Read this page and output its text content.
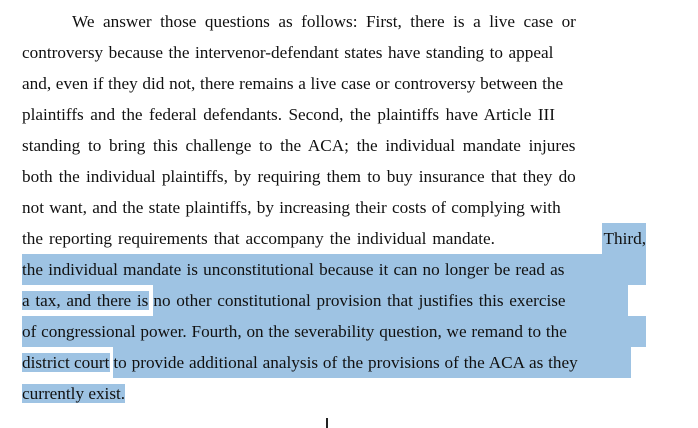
We answer those questions as follows: First, there is a live case or
controversy because the intervenor-defendant states have standing to appeal
and, even if they did not, there remains a live case or controversy between the
plaintiffs and the federal defendants. Second, the plaintiffs have Article III
standing to bring this challenge to the ACA; the individual mandate injures
both the individual plaintiffs, by requiring them to buy insurance that they do
not want, and the state plaintiffs, by increasing their costs of complying with
the reporting requirements that accompany the individual mandate.	Third,
the individual mandate is unconstitutional because it can no longer be read as
a tax, and there is no other constitutional provision that justifies this exercise
of congressional power. Fourth, on the severability question, we remand to the
district court to provide additional analysis of the provisions of the ACA as they
currently exist.
